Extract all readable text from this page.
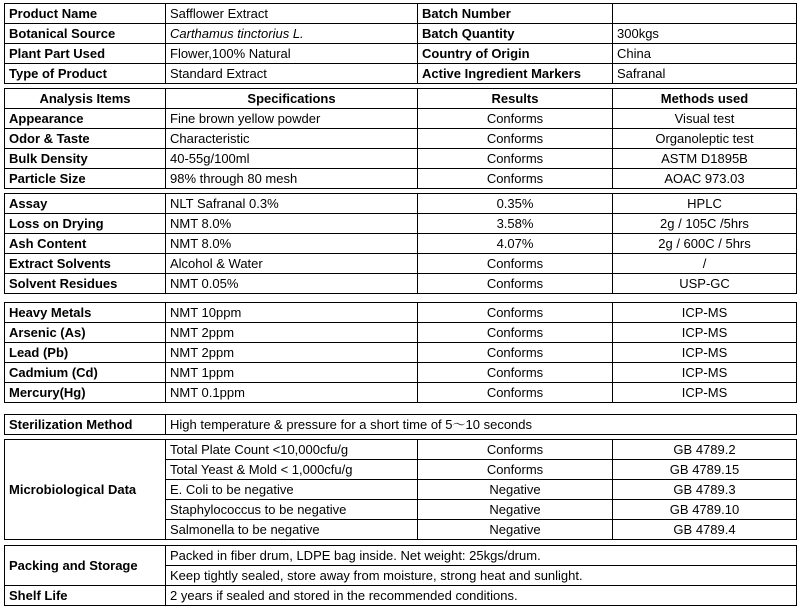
Product Name	Safflower Extract	Batch Number	
Botanical Source	Carthamus tinctorius L.	Batch Quantity	300kgs
Plant Part Used	Flower,100% Natural	Country of Origin	China
Type of Product	Standard Extract	Active Ingredient Markers	Safranal
Analysis Items	Specifications	Results	Methods used
Appearance	Fine brown yellow powder	Conforms	Visual test
Odor & Taste	Characteristic	Conforms	Organoleptic test
Bulk Density	40-55g/100ml	Conforms	ASTM D1895B
Particle Size	98% through 80 mesh	Conforms	AOAC 973.03
Assay	NLT Safranal 0.3%	0.35%	HPLC
Loss on Drying	NMT 8.0%	3.58%	2g / 105C /5hrs
Ash Content	NMT 8.0%	4.07%	2g / 600C / 5hrs
Extract Solvents	Alcohol & Water	Conforms	/
Solvent Residues	NMT 0.05%	Conforms	USP-GC
Heavy Metals	NMT 10ppm	Conforms	ICP-MS
Arsenic (As)	NMT 2ppm	Conforms	ICP-MS
Lead (Pb)	NMT 2ppm	Conforms	ICP-MS
Cadmium (Cd)	NMT 1ppm	Conforms	ICP-MS
Mercury(Hg)	NMT 0.1ppm	Conforms	ICP-MS
Sterilization Method	High temperature & pressure for a short time of 5～10 seconds
Microbiological Data	Total Plate Count <10,000cfu/g	Conforms	GB 4789.2
	Total Yeast & Mold < 1,000cfu/g	Conforms	GB 4789.15
	E. Coli to be negative	Negative	GB 4789.3
	Staphylococcus to be negative	Negative	GB 4789.10
	Salmonella to be negative	Negative	GB 4789.4
Packing and Storage	Packed in fiber drum, LDPE bag inside. Net weight: 25kgs/drum.
Keep tightly sealed, store away from moisture, strong heat and sunlight.
Shelf Life	2 years if sealed and stored in the recommended conditions.
